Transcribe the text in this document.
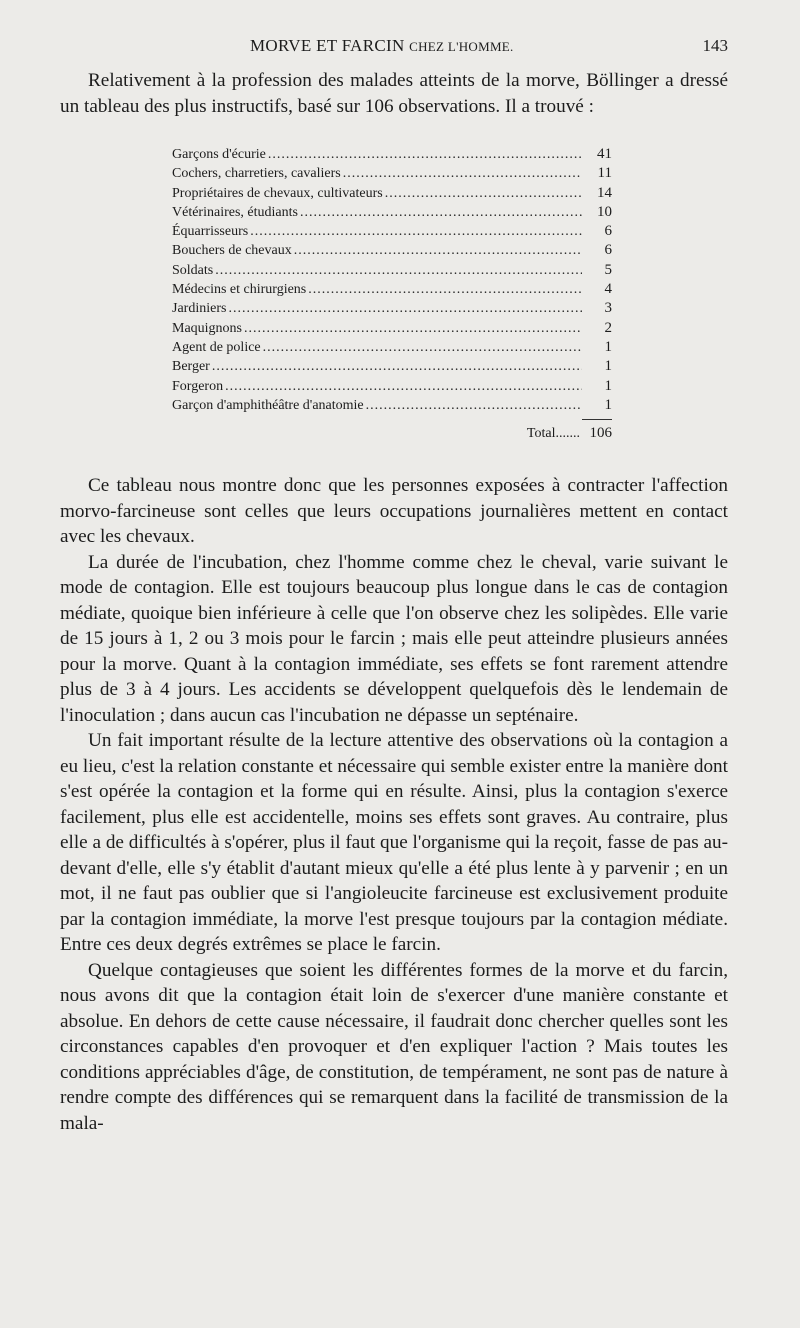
MORVE ET FARCIN CHEZ L'HOMME.	143

Relativement à la profession des malades atteints de la morve, Böllinger a dressé un tableau des plus instructifs, basé sur 106 observations. Il a trouvé :

Garçons d'écurie .....	41
Cochers, charretiers, cavaliers .....	11
Propriétaires de chevaux, cultivateurs .....	14
Vétérinaires, étudiants .....	10
Équarrisseurs .....	6
Bouchers de chevaux .....	6
Soldats .....	5
Médecins et chirurgiens .....	4
Jardiniers .....	3
Maquignons .....	2
Agent de police .....	1
Berger .....	1
Forgeron .....	1
Garçon d'amphithéâtre d'anatomie .....	1
Total....... 106

Ce tableau nous montre donc que les personnes exposées à contracter l'affection morvo-farcineuse sont celles que leurs occupations journalières mettent en contact avec les chevaux.

La durée de l'incubation, chez l'homme comme chez le cheval, varie suivant le mode de contagion. Elle est toujours beaucoup plus longue dans le cas de contagion médiate, quoique bien inférieure à celle que l'on observe chez les solipèdes. Elle varie de 15 jours à 1, 2 ou 3 mois pour le farcin ; mais elle peut atteindre plusieurs années pour la morve. Quant à la contagion immédiate, ses effets se font rarement attendre plus de 3 à 4 jours. Les accidents se développent quelquefois dès le lendemain de l'inoculation ; dans aucun cas l'incubation ne dépasse un septénaire.

Un fait important résulte de la lecture attentive des observations où la contagion a eu lieu, c'est la relation constante et nécessaire qui semble exister entre la manière dont s'est opérée la contagion et la forme qui en résulte. Ainsi, plus la contagion s'exerce facilement, plus elle est accidentelle, moins ses effets sont graves. Au contraire, plus elle a de difficultés à s'opérer, plus il faut que l'organisme qui la reçoit, fasse de pas au-devant d'elle, elle s'y établit d'autant mieux qu'elle a été plus lente à y parvenir ; en un mot, il ne faut pas oublier que si l'angioleucite farcineuse est exclusivement produite par la contagion immédiate, la morve l'est presque toujours par la contagion médiate. Entre ces deux degrés extrêmes se place le farcin.

Quelque contagieuses que soient les différentes formes de la morve et du farcin, nous avons dit que la contagion était loin de s'exercer d'une manière constante et absolue. En dehors de cette cause nécessaire, il faudrait donc chercher quelles sont les circonstances capables d'en provoquer et d'en expliquer l'action ? Mais toutes les conditions appréciables d'âge, de constitution, de tempérament, ne sont pas de nature à rendre compte des différences qui se remarquent dans la facilité de transmission de la mala-
